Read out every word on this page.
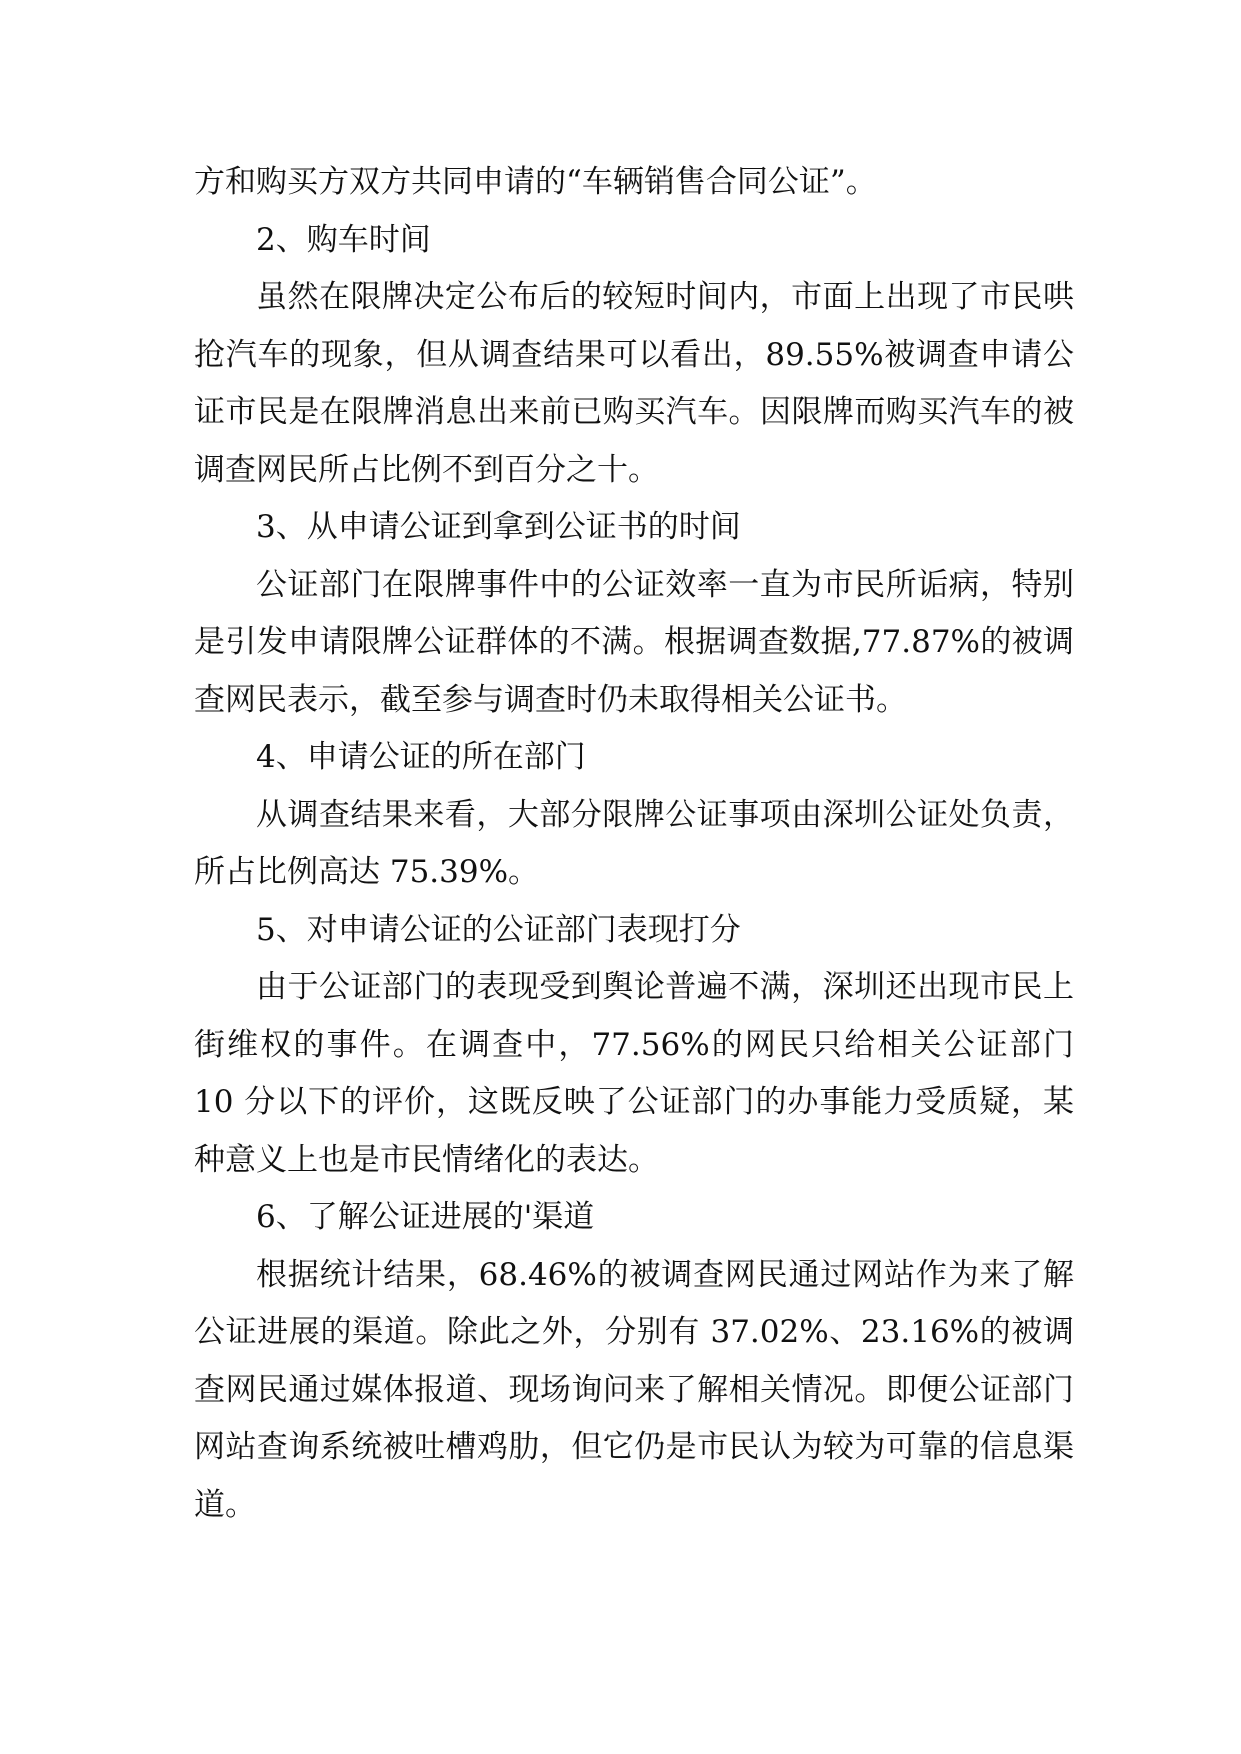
方和购买方双方共同申请的“车辆销售合同公证”。

2、购车时间

虽然在限牌决定公布后的较短时间内，市面上出现了市民哄抢汽车的现象，但从调查结果可以看出，89.55%被调查申请公证市民是在限牌消息出来前已购买汽车。因限牌而购买汽车的被调查网民所占比例不到百分之十。

3、从申请公证到拿到公证书的时间

公证部门在限牌事件中的公证效率一直为市民所诟病，特别是引发申请限牌公证群体的不满。根据调查数据,77.87%的被调查网民表示，截至参与调查时仍未取得相关公证书。

4、申请公证的所在部门

从调查结果来看，大部分限牌公证事项由深圳公证处负责，所占比例高达 75.39%。

5、对申请公证的公证部门表现打分

由于公证部门的表现受到舆论普遍不满，深圳还出现市民上街维权的事件。在调查中，77.56%的网民只给相关公证部门 10 分以下的评价，这既反映了公证部门的办事能力受质疑，某种意义上也是市民情绪化的表达。

6、了解公证进展的'渠道

根据统计结果，68.46%的被调查网民通过网站作为来了解公证进展的渠道。除此之外，分别有 37.02%、23.16%的被调查网民通过媒体报道、现场询问来了解相关情况。即便公证部门网站查询系统被吐槽鸡肋，但它仍是市民认为较为可靠的信息渠道。
